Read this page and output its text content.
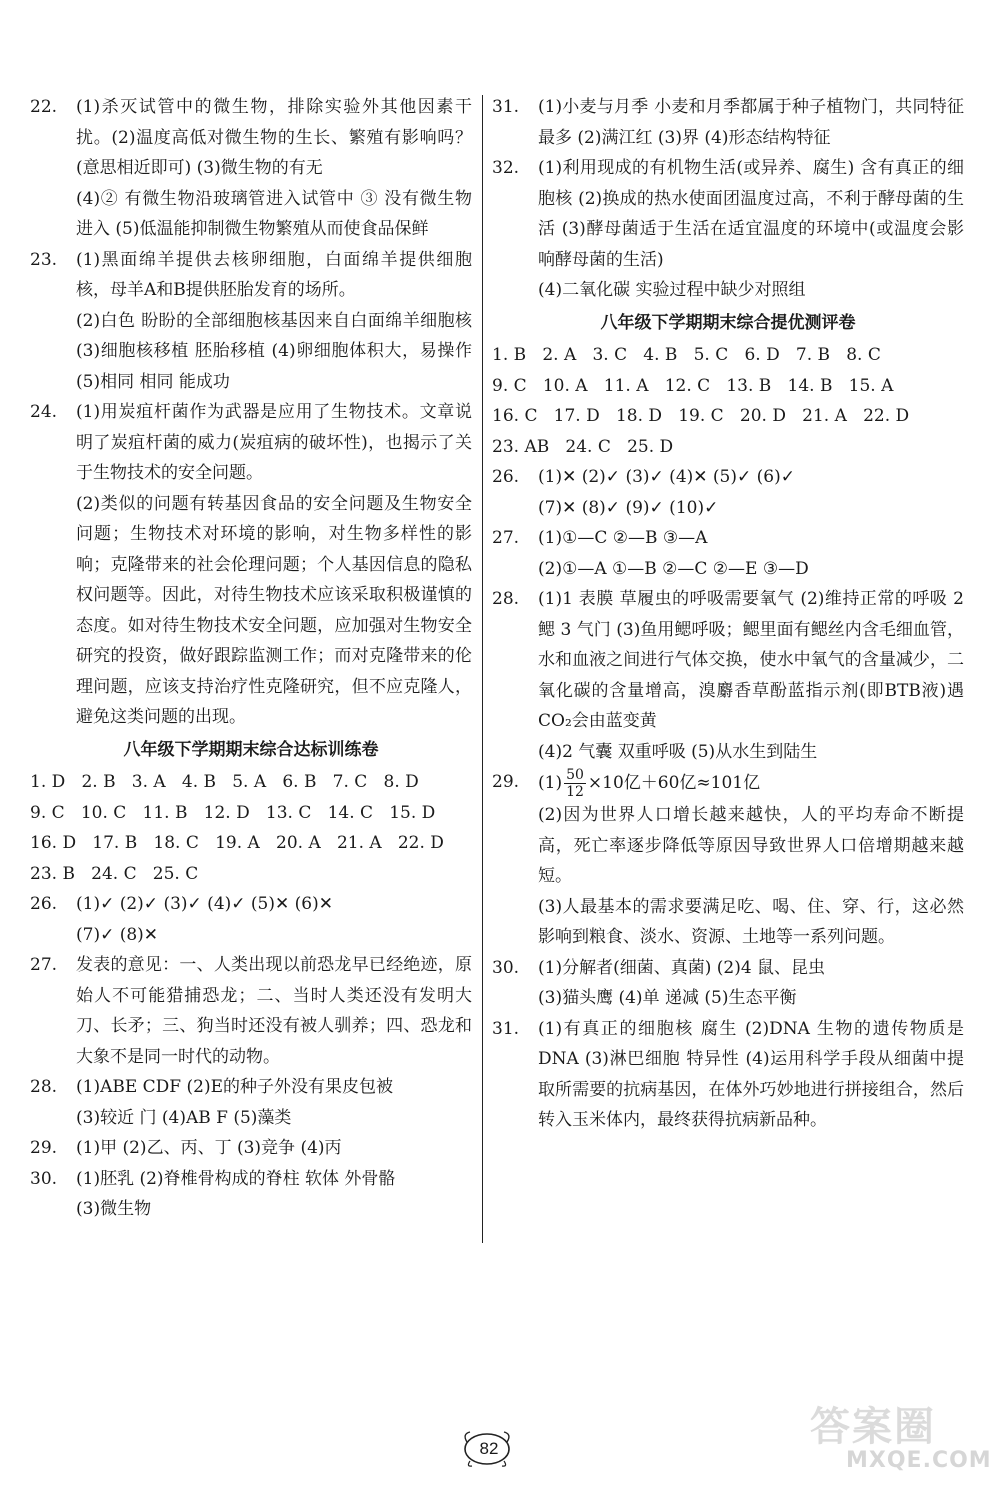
22.	(1)杀灭试管中的微生物，排除实验外其他因素干扰。(2)温度高低对微生物的生长、繁殖有影响吗？(意思相近即可) (3)微生物的有无

(4)② 有微生物沿玻璃管进入试管中 ③ 没有微生物进入 (5)低温能抑制微生物繁殖从而使食品保鲜

23.	(1)黑面绵羊提供去核卵细胞，白面绵羊提供细胞核，母羊A和B提供胚胎发育的场所。

(2)白色 盼盼的全部细胞核基因来自白面绵羊细胞核 (3)细胞核移植 胚胎移植 (4)卵细胞体积大，易操作 (5)相同 相同 能成功

24.	(1)用炭疽杆菌作为武器是应用了生物技术。文章说明了炭疽杆菌的威力(炭疽病的破坏性)，也揭示了关于生物技术的安全问题。

(2)类似的问题有转基因食品的安全问题及生物安全问题；生物技术对环境的影响，对生物多样性的影响；克隆带来的社会伦理问题；个人基因信息的隐私权问题等。因此，对待生物技术应该采取积极谨慎的态度。如对待生物技术安全问题，应加强对生物安全研究的投资，做好跟踪监测工作；而对克隆带来的伦理问题，应该支持治疗性克隆研究，但不应克隆人，避免这类问题的出现。

八年级下学期期末综合达标训练卷
1. D   2. B   3. A   4. B   5. A   6. B   7. C   8. D
9. C   10. C   11. B   12. D   13. C   14. C   15. D
16. D   17. B   18. C   19. A   20. A   21. A   22. D
23. B   24. C   25. C
26.	(1)✓ (2)✓ (3)✓ (4)✓ (5)✕ (6)✕

(7)✓ (8)✕

27.	发表的意见：一、人类出现以前恐龙早已经绝迹，原始人不可能猎捕恐龙；二、当时人类还没有发明大刀、长矛；三、狗当时还没有被人驯养；四、恐龙和大象不是同一时代的动物。

28.	(1)ABE CDF (2)E的种子外没有果皮包被

(3)较近 门 (4)AB F (5)藻类

29.	(1)甲 (2)乙、丙、丁 (3)竞争 (4)丙

30.	(1)胚乳 (2)脊椎骨构成的脊柱 软体 外骨骼

(3)微生物

31.	(1)小麦与月季 小麦和月季都属于种子植物门，共同特征最多 (2)满江红 (3)界 (4)形态结构特征

32.	(1)利用现成的有机物生活(或异养、腐生) 含有真正的细胞核 (2)换成的热水使面团温度过高，不利于酵母菌的生活 (3)酵母菌适于生活在适宜温度的环境中(或温度会影响酵母菌的生活)

(4)二氧化碳 实验过程中缺少对照组

八年级下学期期末综合提优测评卷
1. B   2. A   3. C   4. B   5. C   6. D   7. B   8. C
9. C   10. A   11. A   12. C   13. B   14. B   15. A
16. C   17. D   18. D   19. C   20. D   21. A   22. D
23. AB   24. C   25. D
26.	(1)✕ (2)✓ (3)✓ (4)✕ (5)✓ (6)✓

(7)✕ (8)✓ (9)✓ (10)✓

27.	(1)①—C ②—B ③—A

(2)①—A ①—B ②—C ②—E ③—D

28.	(1)1 表膜 草履虫的呼吸需要氧气 (2)维持正常的呼吸 2 鳃 3 气门 (3)鱼用鳃呼吸；鳃里面有鳃丝内含毛细血管，水和血液之间进行气体交换，使水中氧气的含量减少，二氧化碳的含量增高，溴麝香草酚蓝指示剂(即BTB液)遇CO₂会由蓝变黄

(4)2 气囊 双重呼吸 (5)从水生到陆生

29.	$(1) \frac{50}{12} \times 10$亿＋60亿≈101亿

(2)因为世界人口增长越来越快，人的平均寿命不断提高，死亡率逐步降低等原因导致世界人口倍增期越来越短。

(3)人最基本的需求要满足吃、喝、住、穿、行，这必然影响到粮食、淡水、资源、土地等一系列问题。

30.	(1)分解者(细菌、真菌) (2)4 鼠、昆虫

(3)猫头鹰 (4)单 递减 (5)生态平衡

31.	(1)有真正的细胞核 腐生 (2)DNA 生物的遗传物质是DNA (3)淋巴细胞 特异性 (4)运用科学手段从细菌中提取所需要的抗病基因，在体外巧妙地进行拼接组合，然后转入玉米体内，最终获得抗病新品种。

82	答案圈
MXQE.COM
